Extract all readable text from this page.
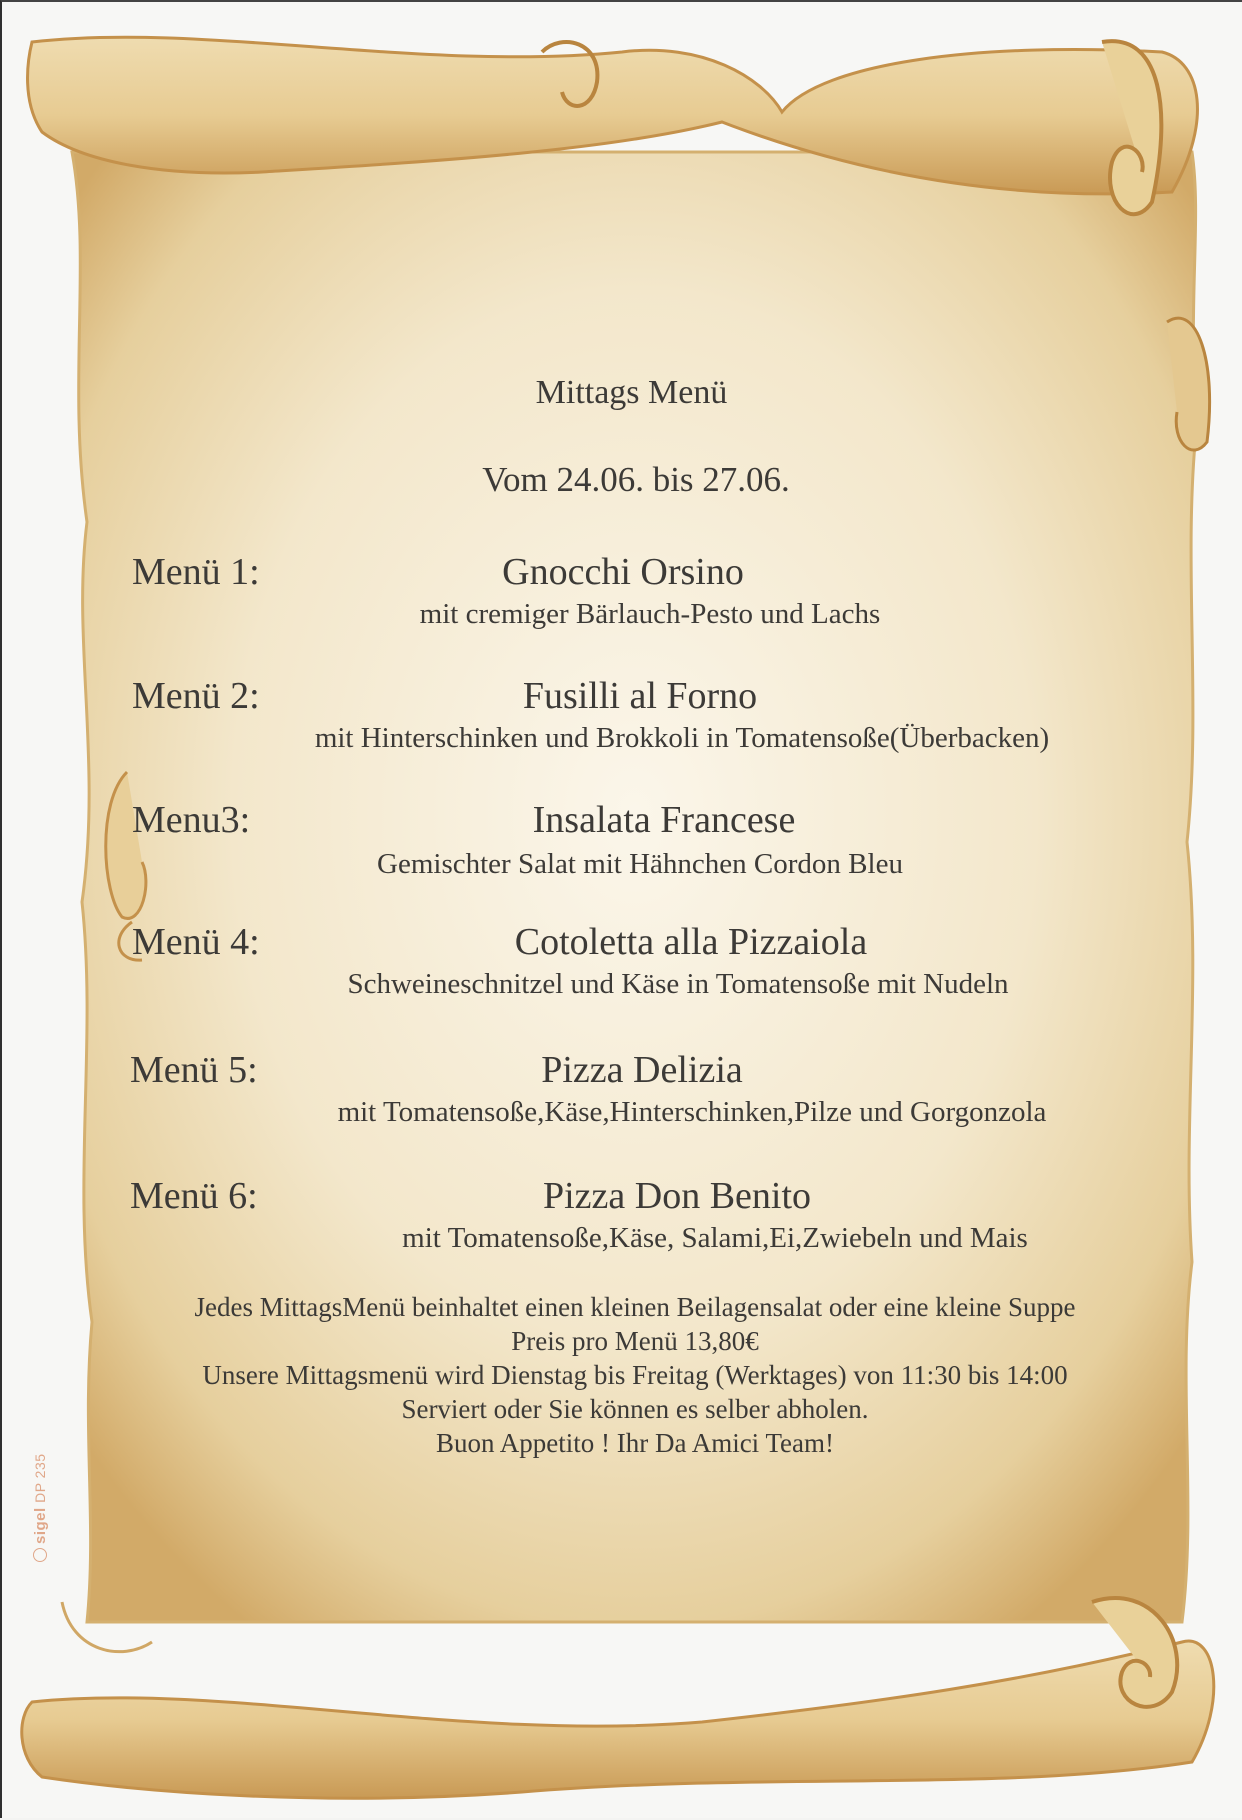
Mittags Menü
Vom 24.06. bis 27.06.
Menü 1:	Gnocchi Orsino
mit cremiger Bärlauch-Pesto und Lachs
Menü 2:	Fusilli al Forno
mit Hinterschinken und Brokkoli in Tomatensoße(Überbacken)
Menu3:	Insalata Francese
Gemischter Salat mit Hähnchen Cordon Bleu
Menü 4:	Cotoletta alla Pizzaiola
Schweineschnitzel und Käse in Tomatensoße mit Nudeln
Menü 5:	Pizza Delizia
mit Tomatensoße,Käse,Hinterschinken,Pilze und Gorgonzola
Menü 6:	Pizza Don Benito
mit Tomatensoße,Käse, Salami,Ei,Zwiebeln und Mais
Jedes MittagsMenü beinhaltet einen kleinen Beilagensalat oder eine kleine Suppe
Preis pro Menü 13,80€
Unsere Mittagsmenü wird Dienstag bis Freitag (Werktages) von 11:30 bis 14:00
Serviert oder Sie können es selber abholen.
Buon Appetito ! Ihr Da Amici Team!
sigel DP 235
